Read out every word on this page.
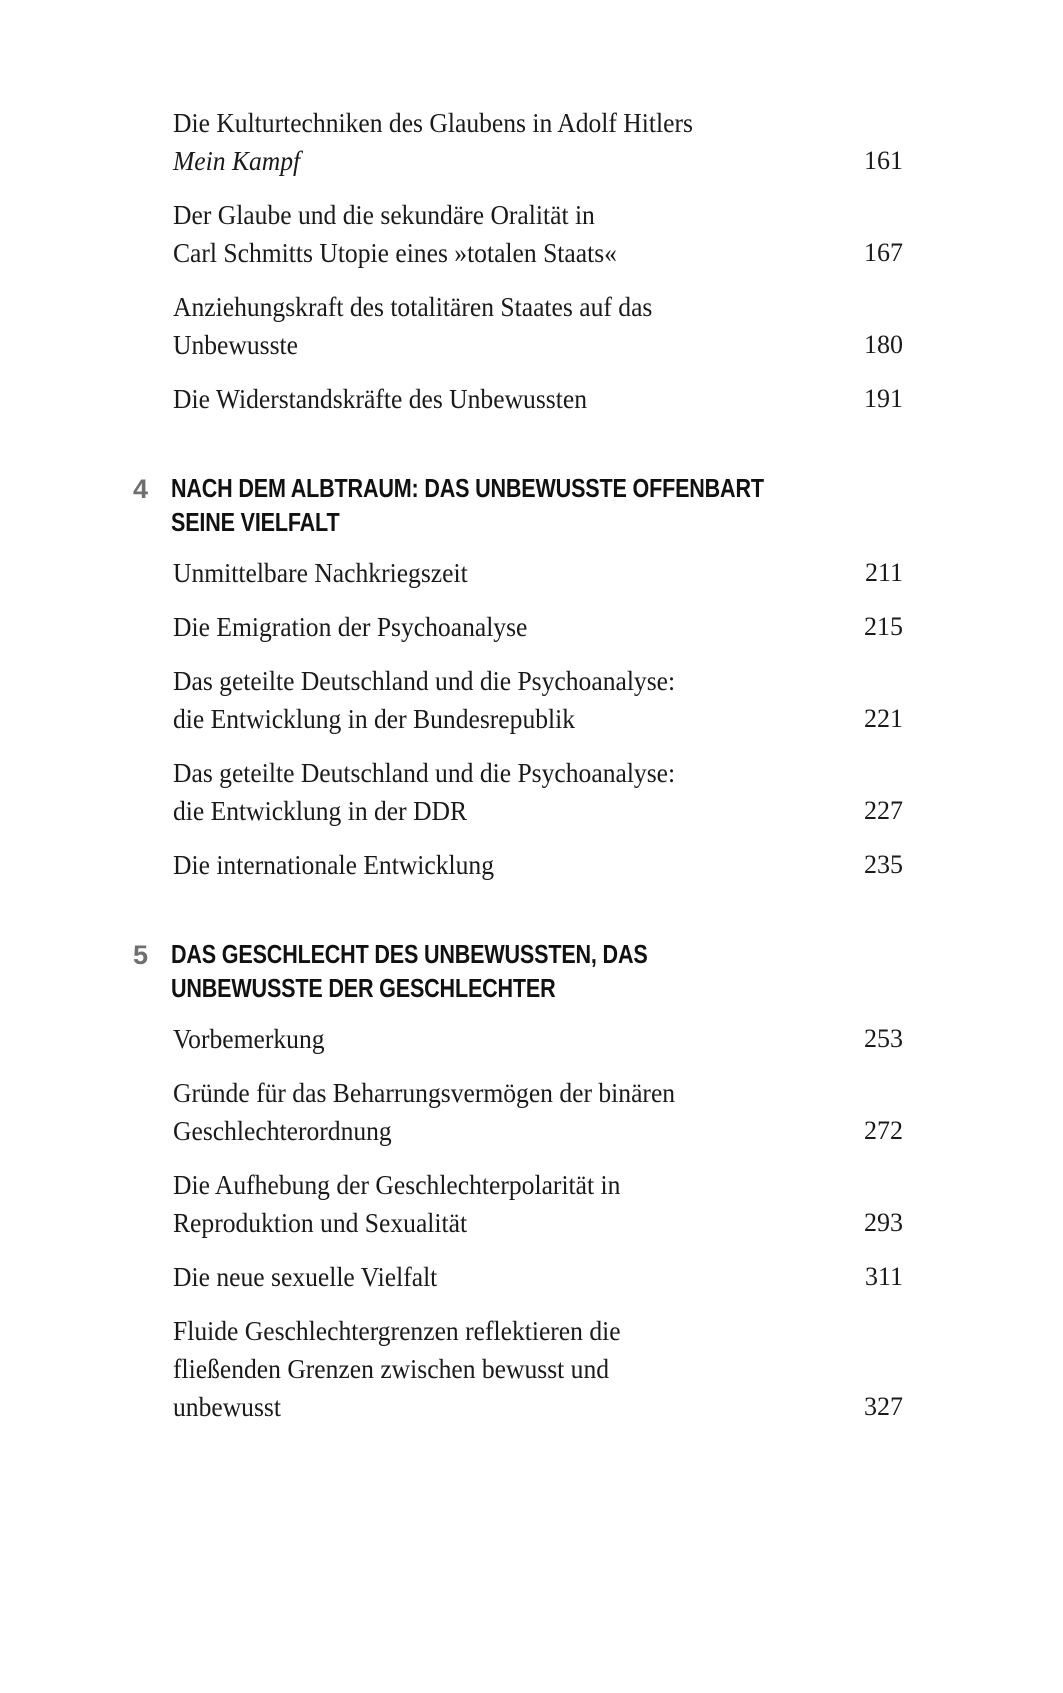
Die Kulturtechniken des Glaubens in Adolf Hitlers
Mein Kampf	161
Der Glaube und die sekundäre Oralität in
Carl Schmitts Utopie eines »totalen Staats«	167
Anziehungskraft des totalitären Staates auf das
Unbewusste	180
Die Widerstandskräfte des Unbewussten	191
4 NACH DEM ALBTRAUM: DAS UNBEWUSSTE OFFENBART SEINE VIELFALT
Unmittelbare Nachkriegszeit	211
Die Emigration der Psychoanalyse	215
Das geteilte Deutschland und die Psychoanalyse:
die Entwicklung in der Bundesrepublik	221
Das geteilte Deutschland und die Psychoanalyse:
die Entwicklung in der DDR	227
Die internationale Entwicklung	235
5 DAS GESCHLECHT DES UNBEWUSSTEN, DAS UNBEWUSSTE DER GESCHLECHTER
Vorbemerkung	253
Gründe für das Beharrungsvermögen der binären
Geschlechterordnung	272
Die Aufhebung der Geschlechterpolarität in
Reproduktion und Sexualität	293
Die neue sexuelle Vielfalt	311
Fluide Geschlechtergrenzen reflektieren die
fließenden Grenzen zwischen bewusst und
unbewusst	327
